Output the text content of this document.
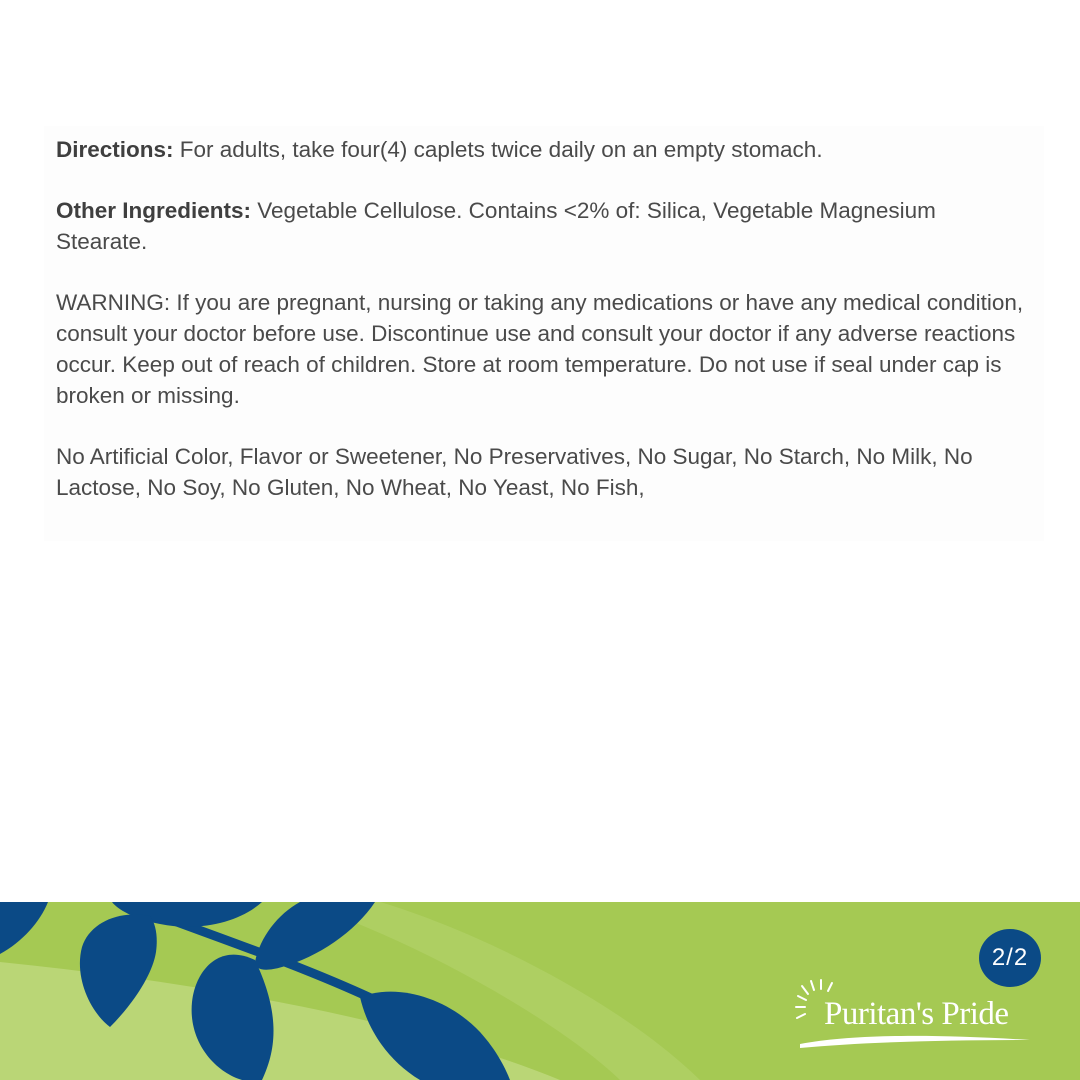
Directions: For adults, take four(4) caplets twice daily on an empty stomach.

Other Ingredients: Vegetable Cellulose. Contains <2% of: Silica, Vegetable Magnesium Stearate.

WARNING: If you are pregnant, nursing or taking any medications or have any medical condition, consult your doctor before use. Discontinue use and consult your doctor if any adverse reactions occur. Keep out of reach of children. Store at room temperature. Do not use if seal under cap is broken or missing.

No Artificial Color, Flavor or Sweetener, No Preservatives, No Sugar, No Starch, No Milk, No Lactose, No Soy, No Gluten, No Wheat, No Yeast, No Fish,

2/2
Puritan's Pride
